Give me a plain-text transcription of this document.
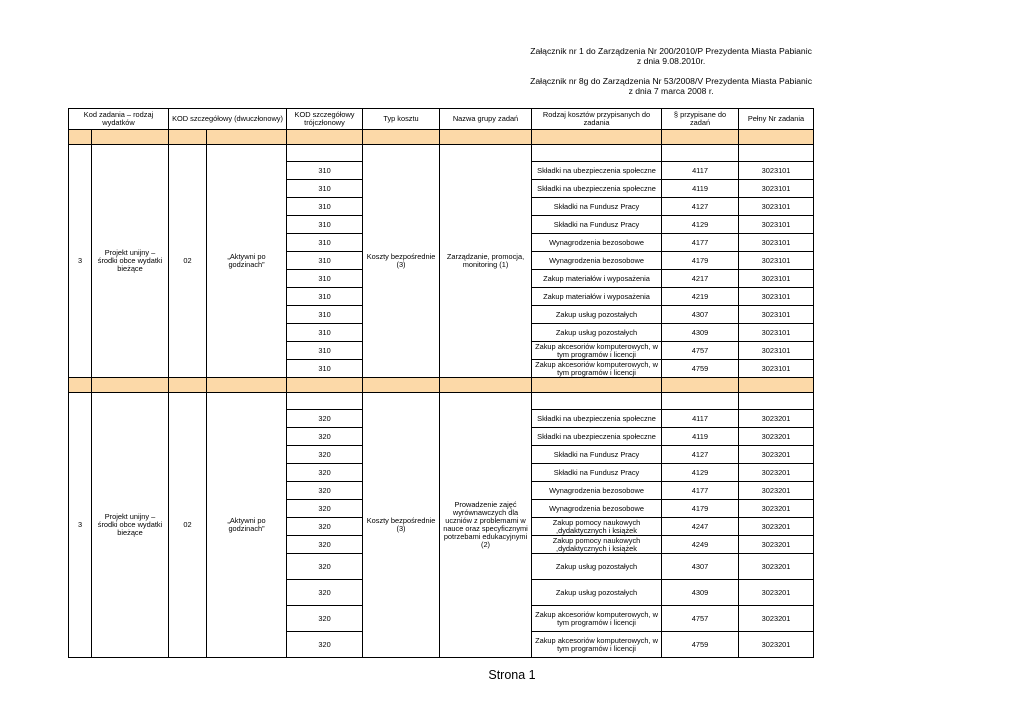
Załącznik nr 1 do Zarządzenia Nr 200/2010/P Prezydenta Miasta Pabianic
z dnia 9.08.2010r.
Załącznik nr 8g do Zarządzenia Nr 53/2008/V Prezydenta Miasta Pabianic
z dnia 7 marca 2008 r.
Kod zadania – rodzaj wydatków		KOD szczegółowy (dwuczłonowy)		KOD szczegółowy trójczłonowy	Typ kosztu	Nazwa grupy zadań	Rodzaj kosztów przypisanych do zadania	§ przypisane do zadań	Pełny Nr zadania

3	Projekt unijny – środki obce wydatki bieżące	02	„Aktywni po godzinach”		Koszty bezpośrednie (3)	Zarządzanie, promocja, monitoring (1)			
				310			Składki na ubezpieczenia społeczne	4117	3023101
				310			Składki na ubezpieczenia społeczne	4119	3023101
				310			Składki na Fundusz Pracy	4127	3023101
				310			Składki na Fundusz Pracy	4129	3023101
				310			Wynagrodzenia bezosobowe	4177	3023101
				310			Wynagrodzenia bezosobowe	4179	3023101
				310			Zakup materiałów i wyposażenia	4217	3023101
				310			Zakup materiałów i wyposażenia	4219	3023101
				310			Zakup usług pozostałych	4307	3023101
				310			Zakup usług pozostałych	4309	3023101
				310			Zakup akcesoriów komputerowych, w tym programów i licencji	4757	3023101
				310			Zakup akcesoriów komputerowych, w tym programów i licencji	4759	3023101

3	Projekt unijny – środki obce wydatki bieżące	02	„Aktywni po godzinach”		Koszty bezpośrednie (3)	Prowadzenie zajęć wyrównawczych dla uczniów z problemami w nauce oraz specyficznymi potrzebami edukacyjnymi (2)			
				320			Składki na ubezpieczenia społeczne	4117	3023201
				320			Składki na ubezpieczenia społeczne	4119	3023201
				320			Składki na Fundusz Pracy	4127	3023201
				320			Składki na Fundusz Pracy	4129	3023201
				320			Wynagrodzenia bezosobowe	4177	3023201
				320			Wynagrodzenia bezosobowe	4179	3023201
				320			Zakup pomocy naukowych ,dydaktycznych i książek	4247	3023201
				320			Zakup pomocy naukowych ,dydaktycznych i książek	4249	3023201
				320			Zakup usług pozostałych	4307	3023201
				320			Zakup usług pozostałych	4309	3023201
				320			Zakup akcesoriów komputerowych, w tym programów i licencji	4757	3023201
				320			Zakup akcesoriów komputerowych, w tym programów i licencji	4759	3023201
Strona 1
